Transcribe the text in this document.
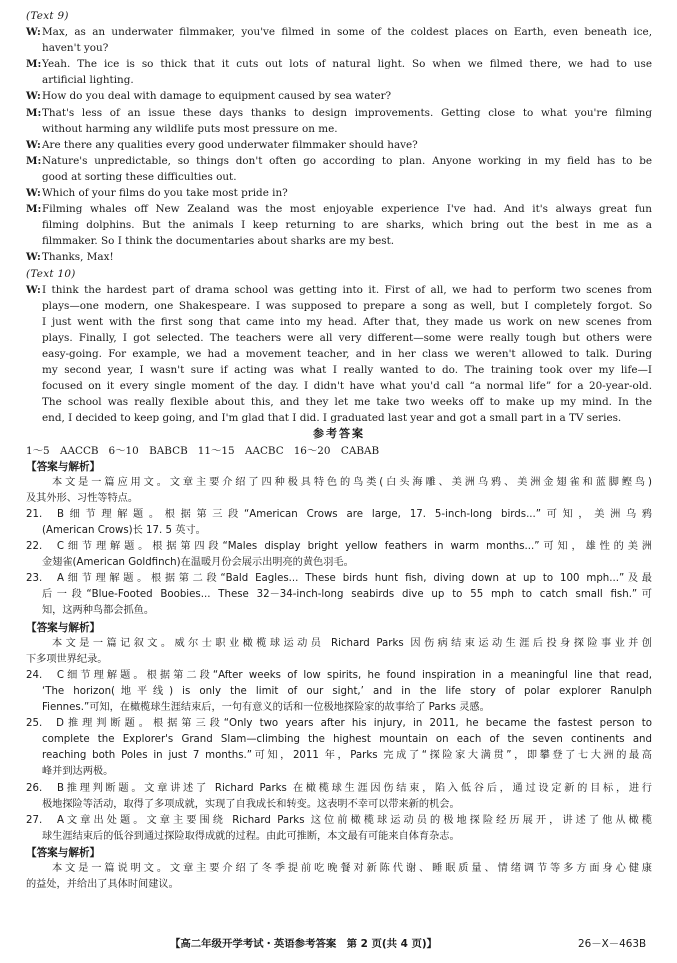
(Text 9)
W:Max, as an underwater filmmaker, you've filmed in some of the coldest places on Earth, even beneath ice,
haven't you?
M:Yeah. The ice is so thick that it cuts out lots of natural light. So when we filmed there, we had to use
artificial lighting.
W:How do you deal with damage to equipment caused by sea water?
M:That's less of an issue these days thanks to design improvements. Getting close to what you're filming
without harming any wildlife puts most pressure on me.
W:Are there any qualities every good underwater filmmaker should have?
M:Nature's unpredictable, so things don't often go according to plan. Anyone working in my field has to be
good at sorting these difficulties out.
W:Which of your films do you take most pride in?
M:Filming whales off New Zealand was the most enjoyable experience I've had. And it's always great fun
filming dolphins. But the animals I keep returning to are sharks, which bring out the best in me as a
filmmaker. So I think the documentaries about sharks are my best.
W:Thanks, Max!
(Text 10)
W:I think the hardest part of drama school was getting into it. First of all, we had to perform two scenes from
plays—one modern, one Shakespeare. I was supposed to prepare a song as well, but I completely forgot. So
I just went with the first song that came into my head. After that, they made us work on new scenes from
plays. Finally, I got selected. The teachers were all very different—some were really tough but others were
easy-going. For example, we had a movement teacher, and in her class we weren't allowed to talk. During
my second year, I wasn't sure if acting was what I really wanted to do. The training took over my life—I
focused on it every single moment of the day. I didn't have what you'd call “a normal life” for a 20-year-old.
The school was really flexible about this, and they let me take two weeks off to make up my mind. In the
end, I decided to keep going, and I'm glad that I did. I graduated last year and got a small part in a TV series.
参考答案
1～5　AACCB 6～10　BABCB 11～15　AACBC 16～20　CABAB
【答案与解析】
本文是一篇应用文。文章主要介绍了四种极具特色的鸟类(白头海雕、美洲乌鸦、美洲金翅雀和蓝脚鲣鸟)
及其外形、习性等特点。
21. B细节理解题。根据第三段“American Crows are large, 17. 5-inch-long birds...”可知，美洲乌鸦
(American Crows)长 17. 5 英寸。
22. C细节理解题。根据第四段“Males display bright yellow feathers in warm months...”可知，雄性的美洲
金翅雀(American Goldfinch)在温暖月份会展示出明亮的黄色羽毛。
23. A细节理解题。根据第二段“Bald Eagles... These birds hunt fish, diving down at up to 100 mph...”及最
后一段“Blue-Footed Boobies... These 32－34-inch-long seabirds dive up to 55 mph to catch small fish.”可
知，这两种鸟都会抓鱼。
【答案与解析】
本文是一篇记叙文。威尔士职业橄榄球运动员 Richard Parks 因伤病结束运动生涯后投身探险事业并创
下多项世界纪录。
24. C细节理解题。根据第二段“After weeks of low spirits, he found inspiration in a meaningful line that read,
‘The horizon(地平线) is only the limit of our sight,’ and in the life story of polar explorer Ranulph
Fiennes.”可知，在橄榄球生涯结束后，一句有意义的话和一位极地探险家的故事给了 Parks 灵感。
25. D推理判断题。根据第三段“Only two years after his injury, in 2011, he became the fastest person to
complete the Explorer's Grand Slam—climbing the highest mountain on each of the seven continents and
reaching both Poles in just 7 months.”可知，2011 年，Parks 完成了“探险家大满贯”，即攀登了七大洲的最高
峰并到达两极。
26. B推理判断题。文章讲述了 Richard Parks 在橄榄球生涯因伤结束，陷入低谷后，通过设定新的目标，进行
极地探险等活动，取得了多项成就，实现了自我成长和转变。这表明不幸可以带来新的机会。
27. A文章出处题。文章主要围绕 Richard Parks 这位前橄榄球运动员的极地探险经历展开，讲述了他从橄榄
球生涯结束后的低谷到通过探险取得成就的过程。由此可推断，本文最有可能来自体育杂志。
【答案与解析】
本文是一篇说明文。文章主要介绍了冬季提前吃晚餐对新陈代谢、睡眠质量、情绪调节等多方面身心健康
的益处，并给出了具体时间建议。
【高二年级开学考试・英语参考答案　第 2 页(共 4 页)】	26－X－463B
